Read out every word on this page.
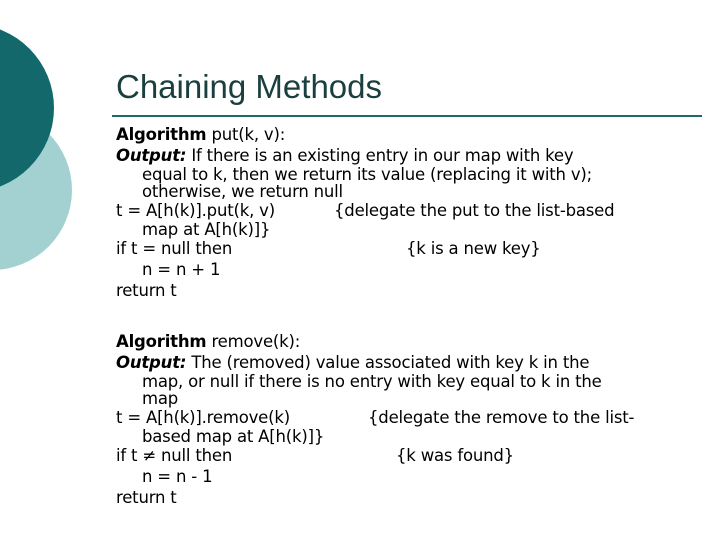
Chaining Methods
Algorithm put(k, v):
Output: If there is an existing entry in our map with key
equal to k, then we return its value (replacing it with v);
otherwise, we return null
t = A[h(k)].put(k, v)	{delegate the put to the list-based
map at A[h(k)]}
if t = null then	{k is a new key}
n = n + 1
return t
Algorithm remove(k):
Output: The (removed) value associated with key k in the
map, or null if there is no entry with key equal to k in the
map
t = A[h(k)].remove(k)	{delegate the remove to the list-
based map at A[h(k)]}
if t ≠ null then	{k was found}
n = n - 1
return t
